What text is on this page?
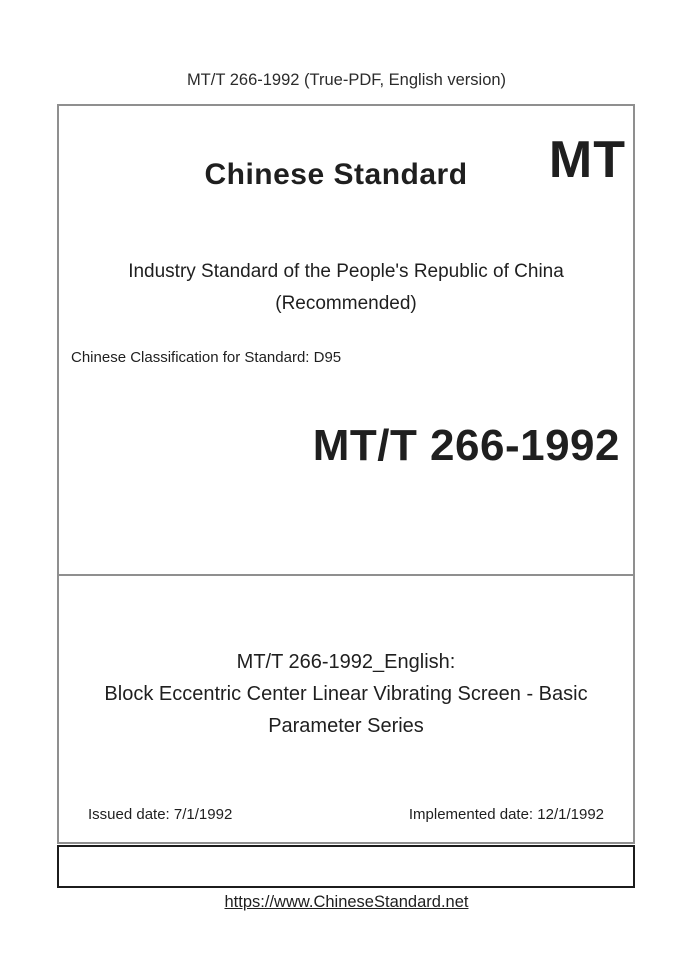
MT/T 266-1992 (True-PDF, English version)
Chinese Standard	MT
Industry Standard of the People's Republic of China
(Recommended)
Chinese Classification for Standard: D95
MT/T 266-1992
MT/T 266-1992_English:
Block Eccentric Center Linear Vibrating Screen - Basic
Parameter Series
Issued date: 7/1/1992	Implemented date: 12/1/1992
https://www.ChineseStandard.net
